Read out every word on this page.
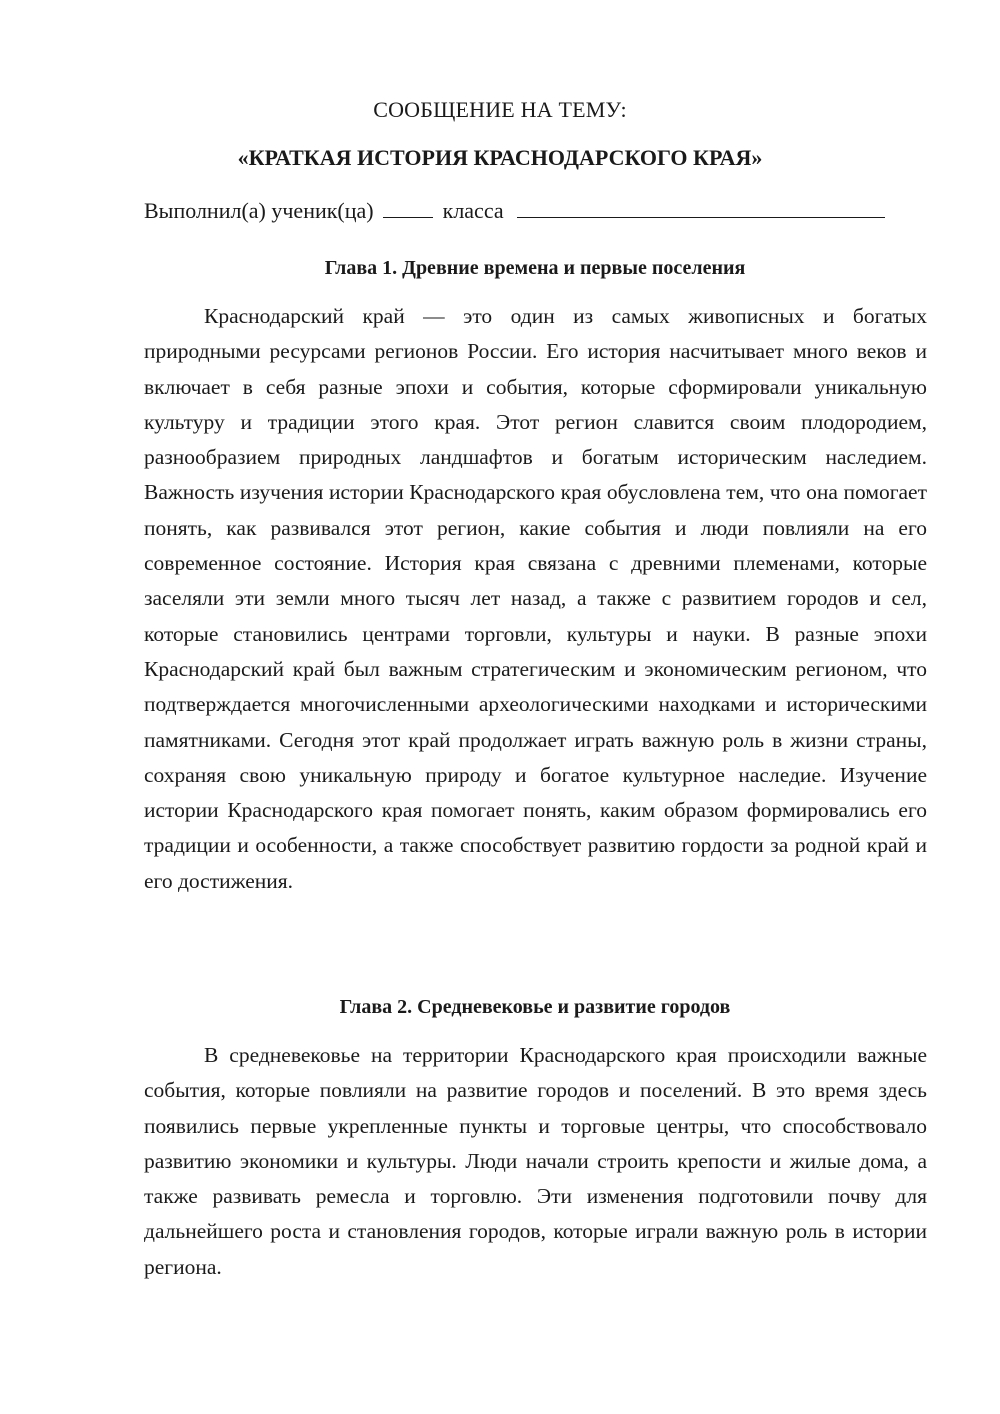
СООБЩЕНИЕ НА ТЕМУ:
«КРАТКАЯ ИСТОРИЯ КРАСНОДАРСКОГО КРАЯ»
Выполнил(а) ученик(ца)	класса
Глава 1. Древние времена и первые поселения

Краснодарский край — это один из самых живописных и богатых природными ресурсами регионов России. Его история насчитывает много веков и включает в себя разные эпохи и события, которые сформировали уникальную культуру и традиции этого края. Этот регион славится своим плодородием, разнообразием природных ландшафтов и богатым историческим наследием. Важность изучения истории Краснодарского края обусловлена тем, что она помогает понять, как развивался этот регион, какие события и люди повлияли на его современное состояние. История края связана с древними племенами, которые заселяли эти земли много тысяч лет назад, а также с развитием городов и сел, которые становились центрами торговли, культуры и науки. В разные эпохи Краснодарский край был важным стратегическим и экономическим регионом, что подтверждается многочисленными археологическими находками и историческими памятниками. Сегодня этот край продолжает играть важную роль в жизни страны, сохраняя свою уникальную природу и богатое культурное наследие. Изучение истории Краснодарского края помогает понять, каким образом формировались его традиции и особенности, а также способствует развитию гордости за родной край и его достижения.

Глава 2. Средневековье и развитие городов

В средневековье на территории Краснодарского края происходили важные события, которые повлияли на развитие городов и поселений. В это время здесь появились первые укрепленные пункты и торговые центры, что способствовало развитию экономики и культуры. Люди начали строить крепости и жилые дома, а также развивать ремесла и торговлю. Эти изменения подготовили почву для дальнейшего роста и становления городов, которые играли важную роль в истории региона.
